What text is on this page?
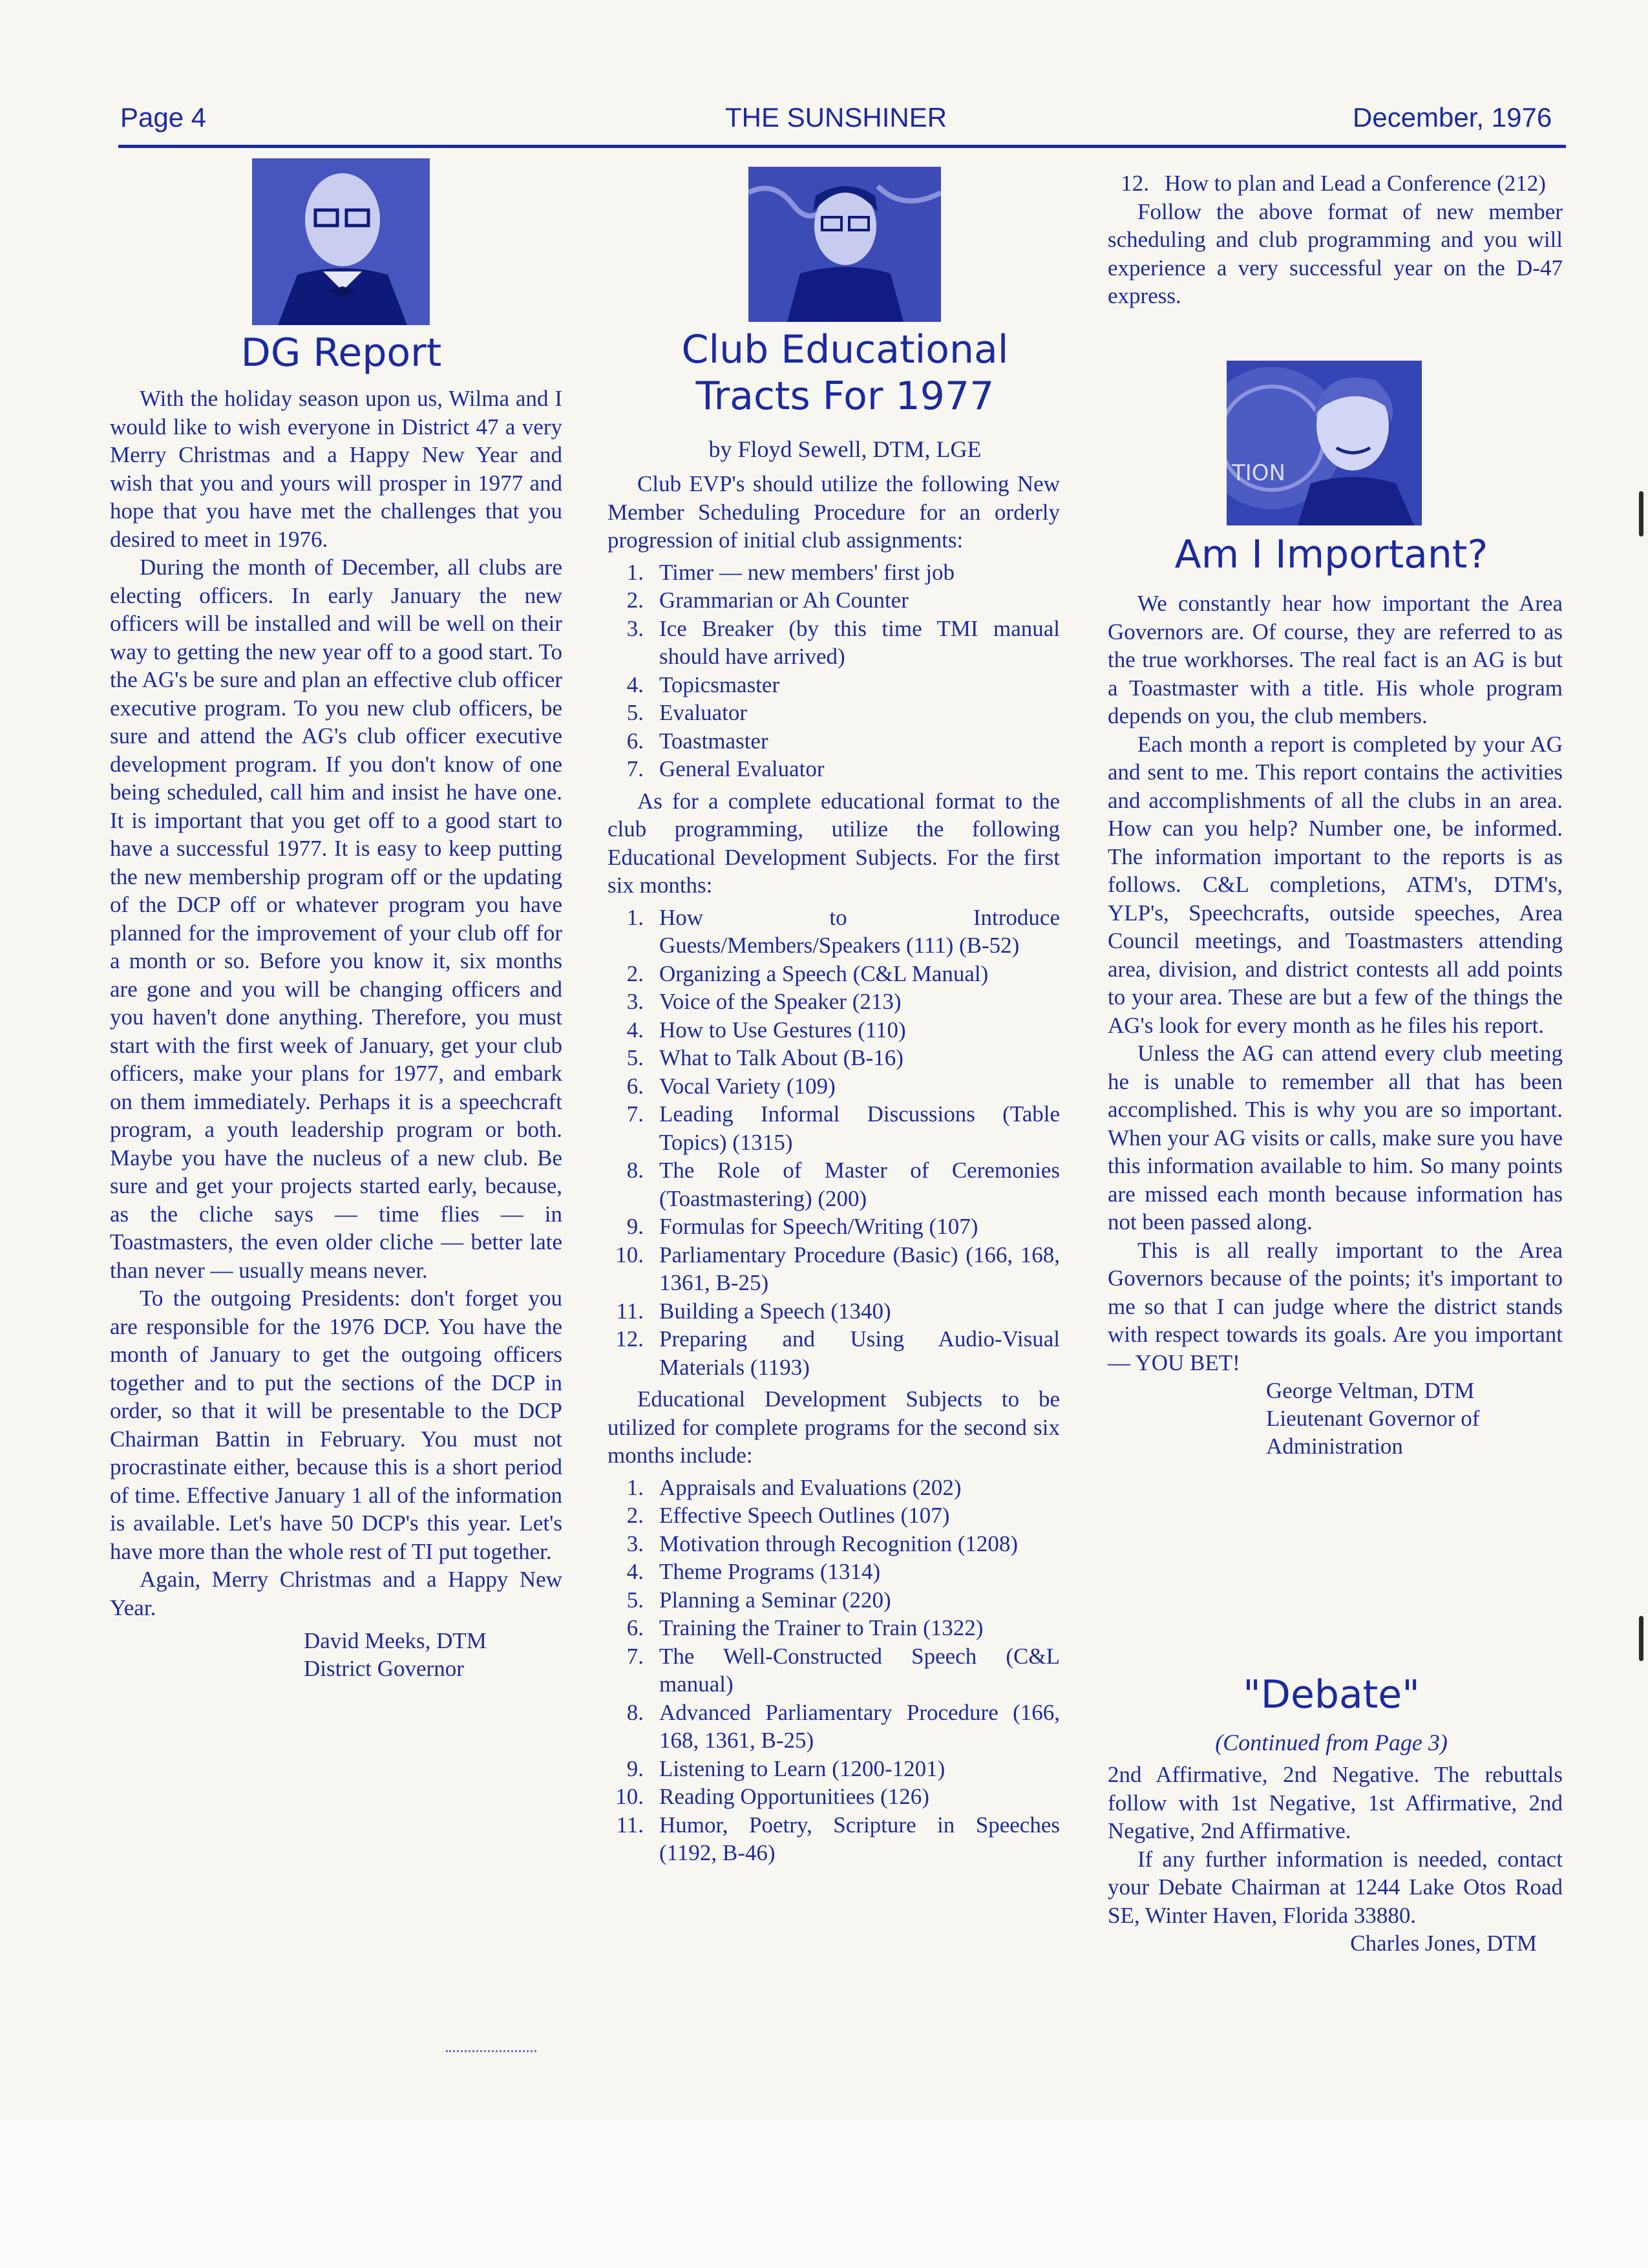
Page 4	THE SUNSHINER	December, 1976
DG Report

With the holiday season upon us, Wilma and I would like to wish everyone in District 47 a very Merry Christmas and a Happy New Year and wish that you and yours will prosper in 1977 and hope that you have met the challenges that you desired to meet in 1976.

During the month of December, all clubs are electing officers. In early January the new officers will be installed and will be well on their way to getting the new year off to a good start. To the AG's be sure and plan an effective club officer executive program. To you new club officers, be sure and attend the AG's club officer executive development program. If you don't know of one being scheduled, call him and insist he have one. It is important that you get off to a good start to have a successful 1977. It is easy to keep putting the new membership program off or the updating of the DCP off or whatever program you have planned for the improvement of your club off for a month or so. Before you know it, six months are gone and you will be changing officers and you haven't done anything. Therefore, you must start with the first week of January, get your club officers, make your plans for 1977, and embark on them immediately. Perhaps it is a speechcraft program, a youth leadership program or both. Maybe you have the nucleus of a new club. Be sure and get your projects started early, because, as the cliche says — time flies — in Toastmasters, the even older cliche — better late than never — usually means never.

To the outgoing Presidents: don't forget you are responsible for the 1976 DCP. You have the month of January to get the outgoing officers together and to put the sections of the DCP in order, so that it will be presentable to the DCP Chairman Battin in February. You must not procrastinate either, because this is a short period of time. Effective January 1 all of the information is available. Let's have 50 DCP's this year. Let's have more than the whole rest of TI put together.

Again, Merry Christmas and a Happy New Year.

David Meeks, DTM
District Governor
Club Educational
Tracts For 1977
by Floyd Sewell, DTM, LGE

Club EVP's should utilize the following New Member Scheduling Procedure for an orderly progression of initial club assignments:

1. Timer — new members' first job
2. Grammarian or Ah Counter
3. Ice Breaker (by this time TMI manual should have arrived)
4. Topicsmaster
5. Evaluator
6. Toastmaster
7. General Evaluator

As for a complete educational format to the club programming, utilize the following Educational Development Subjects. For the first six months:

1. How to Introduce Guests/Members/Speakers (111) (B-52)
2. Organizing a Speech (C&L Manual)
3. Voice of the Speaker (213)
4. How to Use Gestures (110)
5. What to Talk About (B-16)
6. Vocal Variety (109)
7. Leading Informal Discussions (Table Topics) (1315)
8. The Role of Master of Ceremonies (Toastmastering) (200)
9. Formulas for Speech/Writing (107)
10. Parliamentary Procedure (Basic) (166, 168, 1361, B-25)
11. Building a Speech (1340)
12. Preparing and Using Audio-Visual Materials (1193)

Educational Development Subjects to be utilized for complete programs for the second six months include:

1. Appraisals and Evaluations (202)
2. Effective Speech Outlines (107)
3. Motivation through Recognition (1208)
4. Theme Programs (1314)
5. Planning a Seminar (220)
6. Training the Trainer to Train (1322)
7. The Well-Constructed Speech (C&L manual)
8. Advanced Parliamentary Procedure (166, 168, 1361, B-25)
9. Listening to Learn (1200-1201)
10. Reading Opportunitiees (126)
11. Humor, Poetry, Scripture in Speeches (1192, B-46)
12. How to plan and Lead a Conference (212)

Follow the above format of new member scheduling and club programming and you will experience a very successful year on the D-47 express.

TION
Am I Important?

We constantly hear how important the Area Governors are. Of course, they are referred to as the true workhorses. The real fact is an AG is but a Toastmaster with a title. His whole program depends on you, the club members.

Each month a report is completed by your AG and sent to me. This report contains the activities and accomplishments of all the clubs in an area. How can you help? Number one, be informed. The information important to the reports is as follows. C&L completions, ATM's, DTM's, YLP's, Speechcrafts, outside speeches, Area Council meetings, and Toastmasters attending area, division, and district contests all add points to your area. These are but a few of the things the AG's look for every month as he files his report.

Unless the AG can attend every club meeting he is unable to remember all that has been accomplished. This is why you are so important. When your AG visits or calls, make sure you have this information available to him. So many points are missed each month because information has not been passed along.

This is all really important to the Area Governors because of the points; it's important to me so that I can judge where the district stands with respect towards its goals. Are you important — YOU BET!

George Veltman, DTM
Lieutenant Governor of
Administration
"Debate"
(Continued from Page 3)

2nd Affirmative, 2nd Negative. The rebuttals follow with 1st Negative, 1st Affirmative, 2nd Negative, 2nd Affirmative.

If any further information is needed, contact your Debate Chairman at 1244 Lake Otos Road SE, Winter Haven, Florida 33880.

Charles Jones, DTM
